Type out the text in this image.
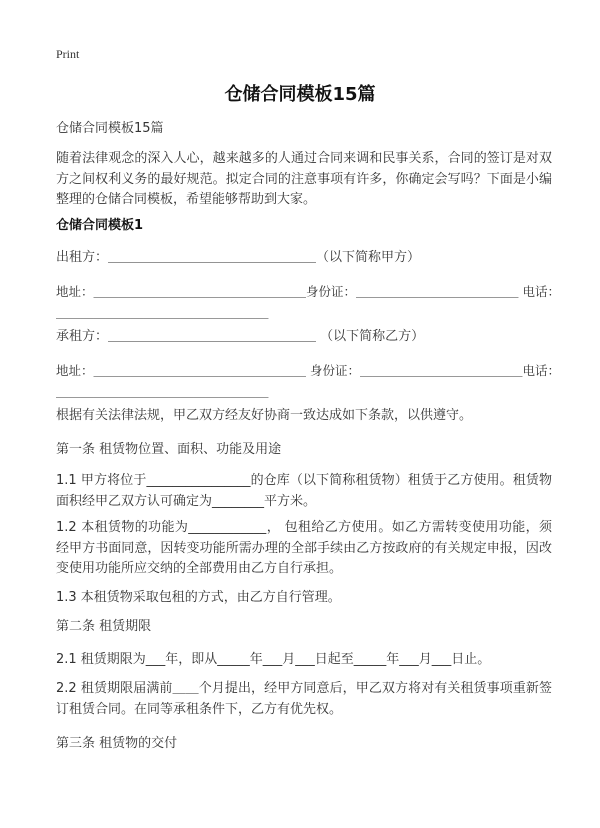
Print
仓储合同模板15篇
仓储合同模板15篇
随着法律观念的深入人心，越来越多的人通过合同来调和民事关系，合同的签订是对双方之间权利义务的最好规范。拟定合同的注意事项有许多，你确定会写吗？下面是小编整理的仓储合同模板，希望能够帮助到大家。
仓储合同模板1
出租方：＿＿＿＿＿＿＿＿＿＿＿＿＿＿＿＿（以下简称甲方）
地址：＿＿＿＿＿＿＿＿＿＿＿＿＿＿＿＿＿身份证：＿＿＿＿＿＿＿＿＿＿＿＿＿ 电话：
＿＿＿＿＿＿＿＿＿＿＿＿＿＿＿＿＿
承租方：＿＿＿＿＿＿＿＿＿＿＿＿＿＿＿＿ （以下简称乙方）
地址：＿＿＿＿＿＿＿＿＿＿＿＿＿＿＿＿＿ 身份证：＿＿＿＿＿＿＿＿＿＿＿＿＿电话：
＿＿＿＿＿＿＿＿＿＿＿＿＿＿＿＿＿
根据有关法律法规，甲乙双方经友好协商一致达成如下条款，以供遵守。
第一条 租赁物位置、面积、功能及用途
1.1 甲方将位于________________的仓库（以下简称租赁物）租赁于乙方使用。租赁物面积经甲乙双方认可确定为________平方米。
1.2 本租赁物的功能为____________， 包租给乙方使用。如乙方需转变使用功能，须经甲方书面同意，因转变功能所需办理的全部手续由乙方按政府的有关规定申报，因改变使用功能所应交纳的全部费用由乙方自行承担。
1.3 本租赁物采取包租的方式，由乙方自行管理。
第二条 租赁期限
2.1 租赁期限为___年，即从_____年___月___日起至_____年___月___日止。
2.2 租赁期限届满前＿＿个月提出，经甲方同意后，甲乙双方将对有关租赁事项重新签订租赁合同。在同等承租条件下，乙方有优先权。
第三条 租赁物的交付
